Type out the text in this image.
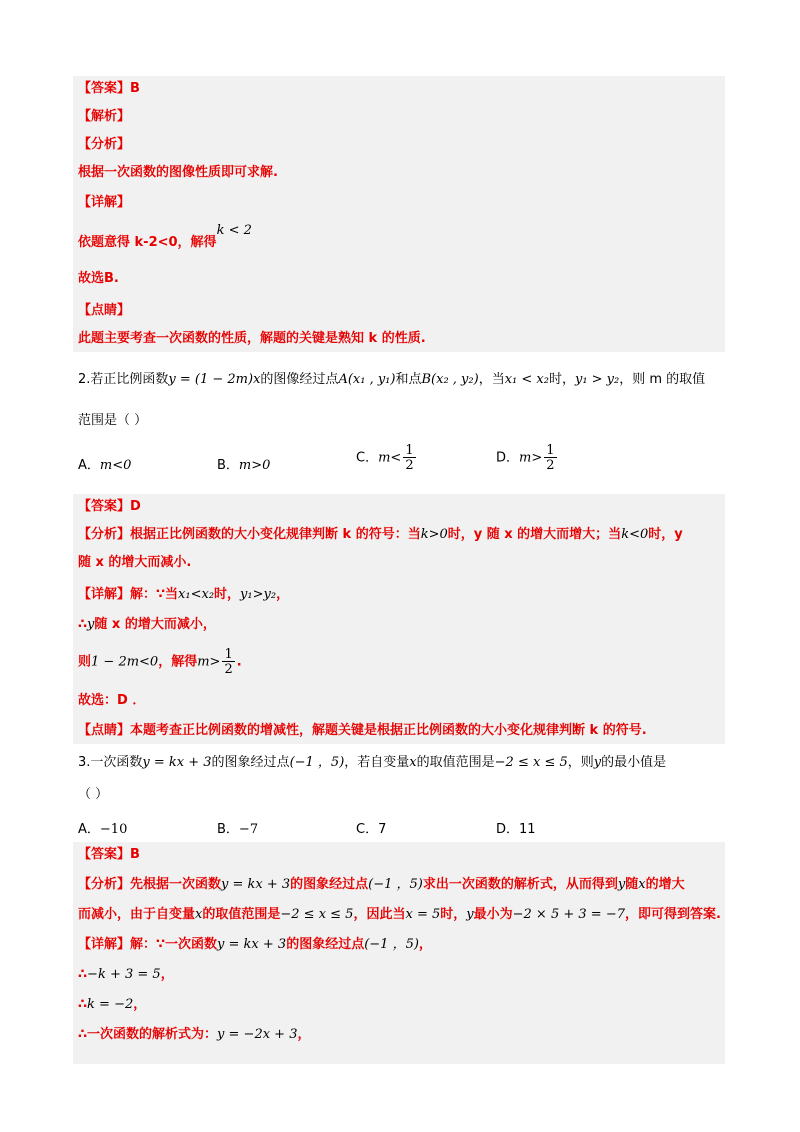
【答案】B
【解析】
【分析】
根据一次函数的图像性质即可求解.
【详解】
依题意得 k-2<0，解得k < 2
故选B.
【点睛】
此题主要考查一次函数的性质，解题的关键是熟知 k 的性质.
2.若正比例函数y = (1 − 2m)x的图像经过点A(x₁ , y₁)和点B(x₂ , y₂)，当x₁ < x₂时，y₁ > y₂，则 m 的取值
范围是（ ）
A．m<0	B．m>0	C．$m< \frac{1}{2}$	D．$m> \frac{1}{2}$
【答案】D
【分析】根据正比例函数的大小变化规律判断 k 的符号：当k>0时，y 随 x 的增大而增大；当k<0时，y
随 x 的增大而减小.
【详解】解：∵当x₁<x₂时，y₁>y₂，
∴y随 x 的增大而减小，
则1 − 2m<0，解得$m> \frac{1}{2}$ .
故选：D ．
【点睛】本题考查正比例函数的增减性，解题关键是根据正比例函数的大小变化规律判断 k 的符号.
3.一次函数y = kx + 3的图象经过点(−1 ，5)，若自变量x的取值范围是−2 ≤ x ≤ 5，则y的最小值是
（ ）
A．−10	B．−7	C．7	D．11
【答案】B
【分析】先根据一次函数y = kx + 3的图象经过点(−1 ，5)求出一次函数的解析式，从而得到y随x的增大
而减小，由于自变量x的取值范围是−2 ≤ x ≤ 5，因此当x = 5时，y最小为−2 × 5 + 3 = −7，即可得到答案.
【详解】解：∵一次函数y = kx + 3的图象经过点(−1 ，5)，
∴−k + 3 = 5，
∴k = −2，
∴一次函数的解析式为：y = −2x + 3，
